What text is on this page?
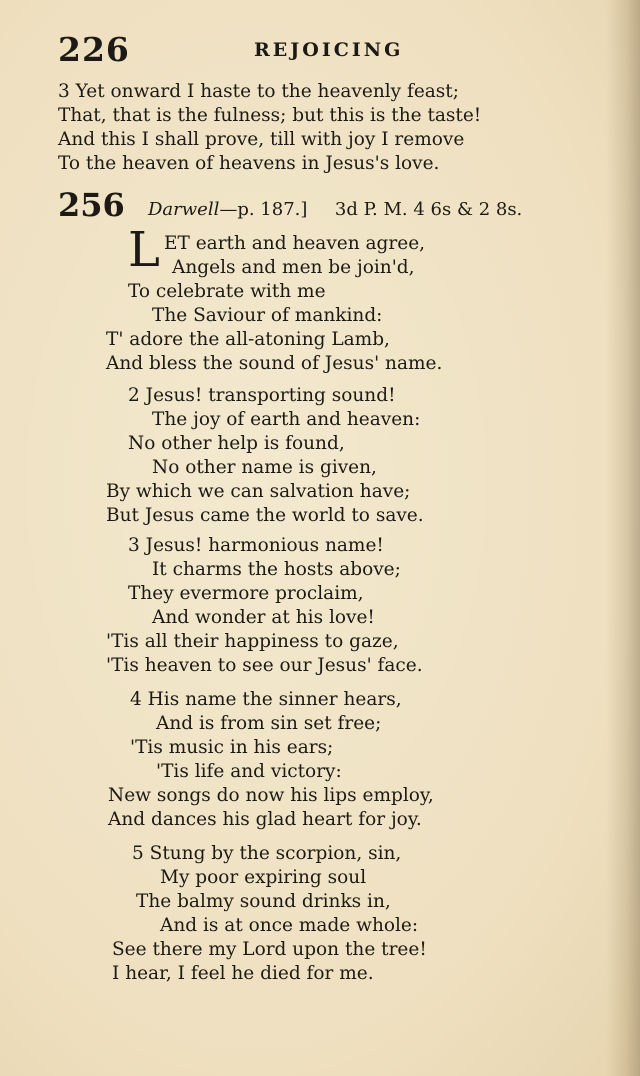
226	REJOICING
3 Yet onward I haste to the heavenly feast;
That, that is the fulness; but this is the taste!
And this I shall prove, till with joy I remove
To the heaven of heavens in Jesus's love.
256 Darwell—p. 187.] 3d P. M. 4 6s & 2 8s.
L ET earth and heaven agree,
Angels and men be join'd,
To celebrate with me
The Saviour of mankind:
T' adore the all-atoning Lamb,
And bless the sound of Jesus' name.
2 Jesus! transporting sound!
The joy of earth and heaven:
No other help is found,
No other name is given,
By which we can salvation have;
But Jesus came the world to save.
3 Jesus! harmonious name!
It charms the hosts above;
They evermore proclaim,
And wonder at his love!
'Tis all their happiness to gaze,
'Tis heaven to see our Jesus' face.
4 His name the sinner hears,
And is from sin set free;
'Tis music in his ears;
'Tis life and victory:
New songs do now his lips employ,
And dances his glad heart for joy.
5 Stung by the scorpion, sin,
My poor expiring soul
The balmy sound drinks in,
And is at once made whole:
See there my Lord upon the tree!
I hear, I feel he died for me.
